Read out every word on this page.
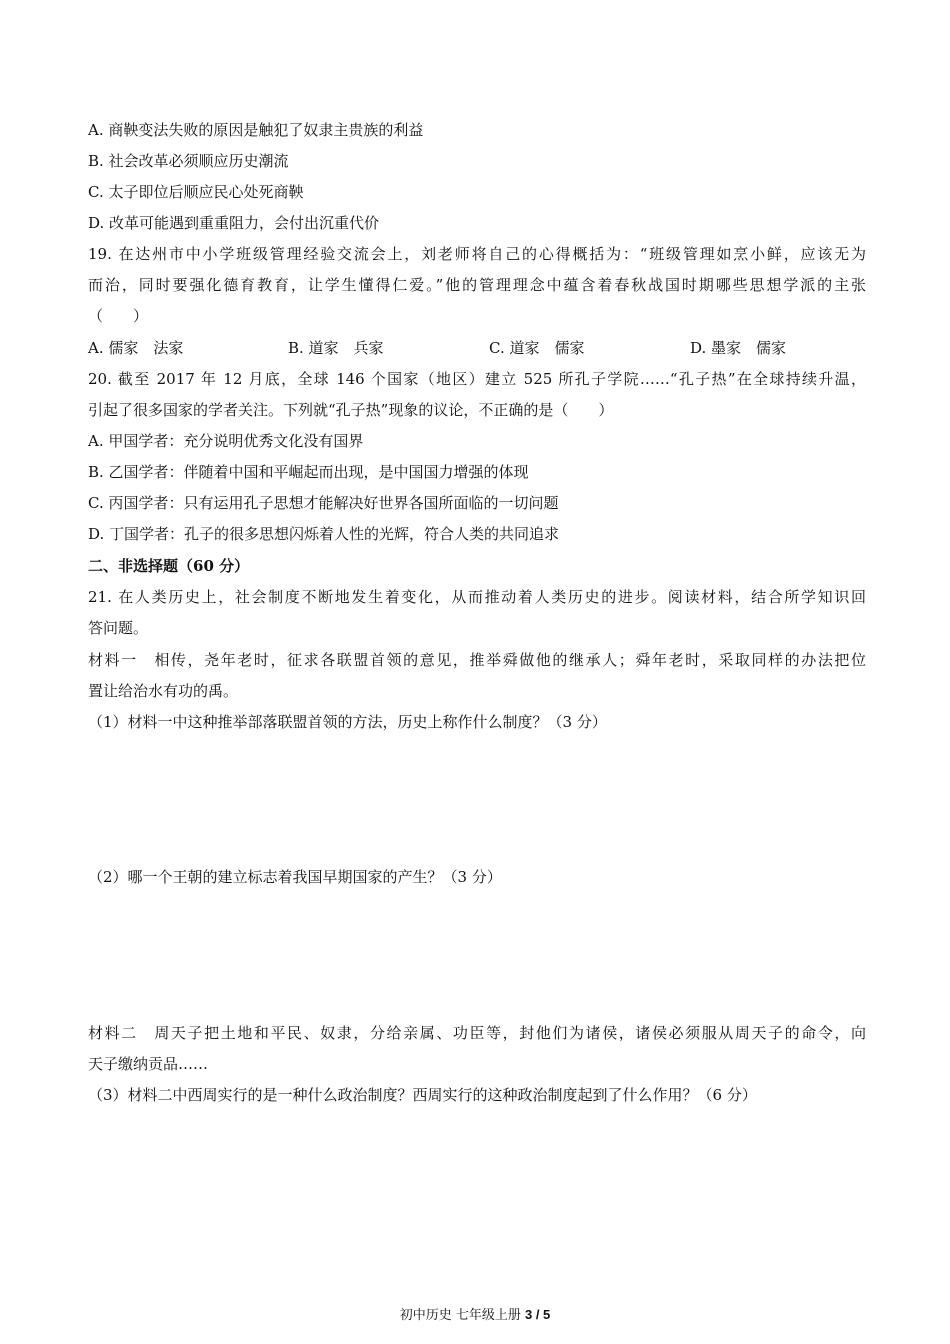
A. 商鞅变法失败的原因是触犯了奴隶主贵族的利益
B. 社会改革必须顺应历史潮流
C. 太子即位后顺应民心处死商鞅
D. 改革可能遇到重重阻力，会付出沉重代价
19. 在达州市中小学班级管理经验交流会上，刘老师将自己的心得概括为：“班级管理如烹小鲜，应该无为
而治，同时要强化德育教育，让学生懂得仁爱。”他的管理理念中蕴含着春秋战国时期哪些思想学派的主张
（　　）
A. 儒家　法家	B. 道家　兵家	C. 道家　儒家	D. 墨家　儒家
20. 截至 2017 年 12 月底，全球 146 个国家（地区）建立 525 所孔子学院……“孔子热”在全球持续升温，
引起了很多国家的学者关注。下列就“孔子热”现象的议论，不正确的是（　　）
A. 甲国学者：充分说明优秀文化没有国界
B. 乙国学者：伴随着中国和平崛起而出现，是中国国力增强的体现
C. 丙国学者：只有运用孔子思想才能解决好世界各国所面临的一切问题
D. 丁国学者：孔子的很多思想闪烁着人性的光辉，符合人类的共同追求
二、非选择题（60 分）
21. 在人类历史上，社会制度不断地发生着变化，从而推动着人类历史的进步。阅读材料，结合所学知识回
答问题。
材料一　相传，尧年老时，征求各联盟首领的意见，推举舜做他的继承人；舜年老时，采取同样的办法把位
置让给治水有功的禹。
（1）材料一中这种推举部落联盟首领的方法，历史上称作什么制度？（3 分）
（2）哪一个王朝的建立标志着我国早期国家的产生？（3 分）
材料二　周天子把土地和平民、奴隶，分给亲属、功臣等，封他们为诸侯，诸侯必须服从周天子的命令，向
天子缴纳贡品……
（3）材料二中西周实行的是一种什么政治制度？西周实行的这种政治制度起到了什么作用？（6 分）
初中历史 七年级上册 3 / 5
